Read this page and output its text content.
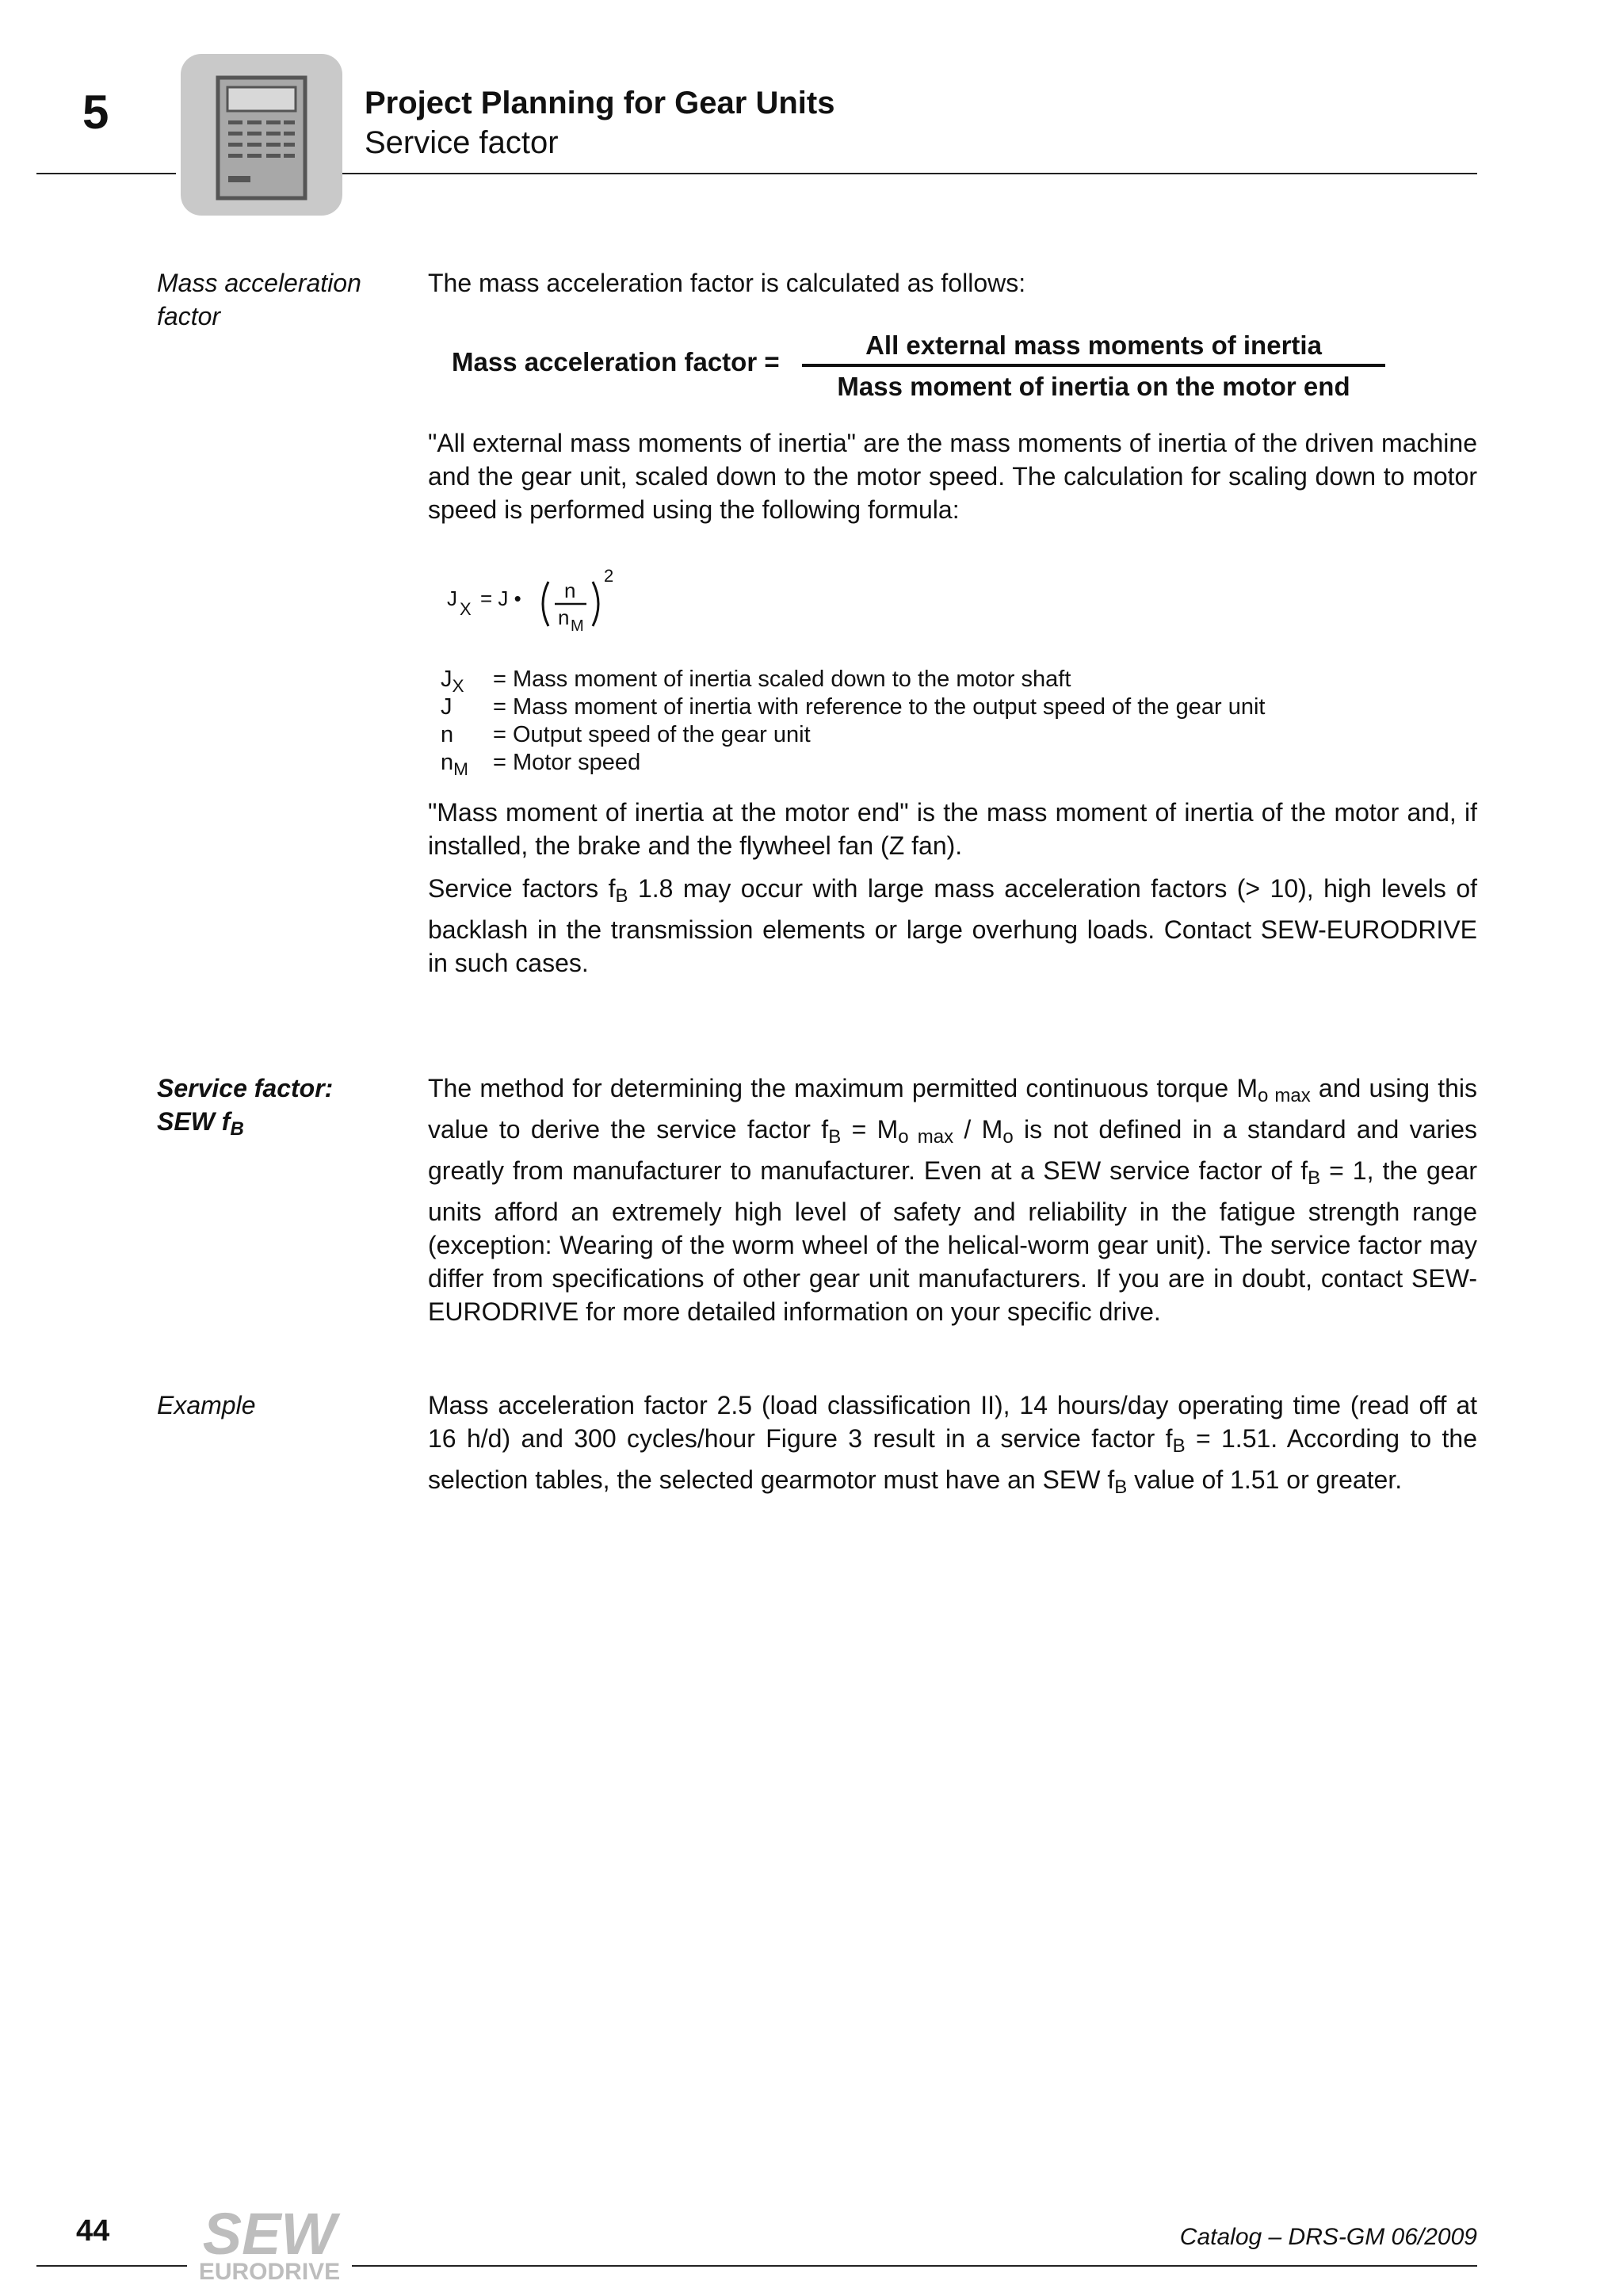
5	Project Planning for Gear Units
Service factor
Mass acceleration factor
The mass acceleration factor is calculated as follows:
Mass acceleration factor =
All external mass moments of inertia
Mass moment of inertia on the motor end
"All external mass moments of inertia" are the mass moments of inertia of the driven machine and the gear unit, scaled down to the motor speed. The calculation for scaling down to motor speed is performed using the following formula:
J X = J • n
n M
2
$J_X$ = Mass moment of inertia scaled down to the motor shaft
J = Mass moment of inertia with reference to the output speed of the gear unit
n = Output speed of the gear unit
$n_M$ = Motor speed
"Mass moment of inertia at the motor end" is the mass moment of inertia of the motor and, if installed, the brake and the flywheel fan (Z fan).
Service factors $f_B$ 1.8 may occur with large mass acceleration factors (> 10), high levels of backlash in the transmission elements or large overhung loads. Contact SEW-EURODRIVE in such cases.
Service factor:
SEW $f_B$
The method for determining the maximum permitted continuous torque $M_{o max}$ and using this value to derive the service factor $f_B = M_{o max} / M_o$ is not defined in a standard and varies greatly from manufacturer to manufacturer. Even at a SEW service factor of $f_B = 1$, the gear units afford an extremely high level of safety and reliability in the fatigue strength range (exception: Wearing of the worm wheel of the helical-worm gear unit). The service factor may differ from specifications of other gear unit manufacturers. If you are in doubt, contact SEW-EURODRIVE for more detailed information on your specific drive.
Example	Mass acceleration factor 2.5 (load classification II), 14 hours/day operating time (read off at 16 h/d) and 300 cycles/hour Figure 3 result in a service factor $f_B = 1.51$. According to the selection tables, the selected gearmotor must have an SEW $f_B$ value of 1.51 or greater.
44 SEW
EURODRIVE
Catalog – DRS-GM 06/2009
